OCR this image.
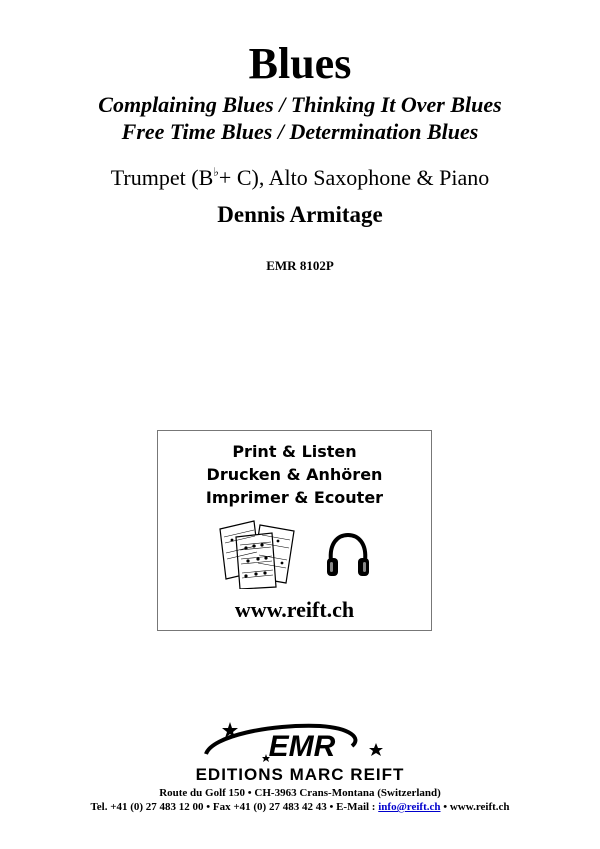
Blues
Complaining Blues / Thinking It Over Blues
Free Time Blues / Determination Blues
Trumpet (B♭+ C), Alto Saxophone & Piano
Dennis Armitage
EMR 8102P
Print & Listen
Drucken & Anhören
Imprimer & Ecouter
www.reift.ch
EMR
EDITIONS MARC REIFT
Route du Golf 150 • CH-3963 Crans-Montana (Switzerland)
Tel. +41 (0) 27 483 12 00 • Fax +41 (0) 27 483 42 43 • E-Mail : info@reift.ch • www.reift.ch
